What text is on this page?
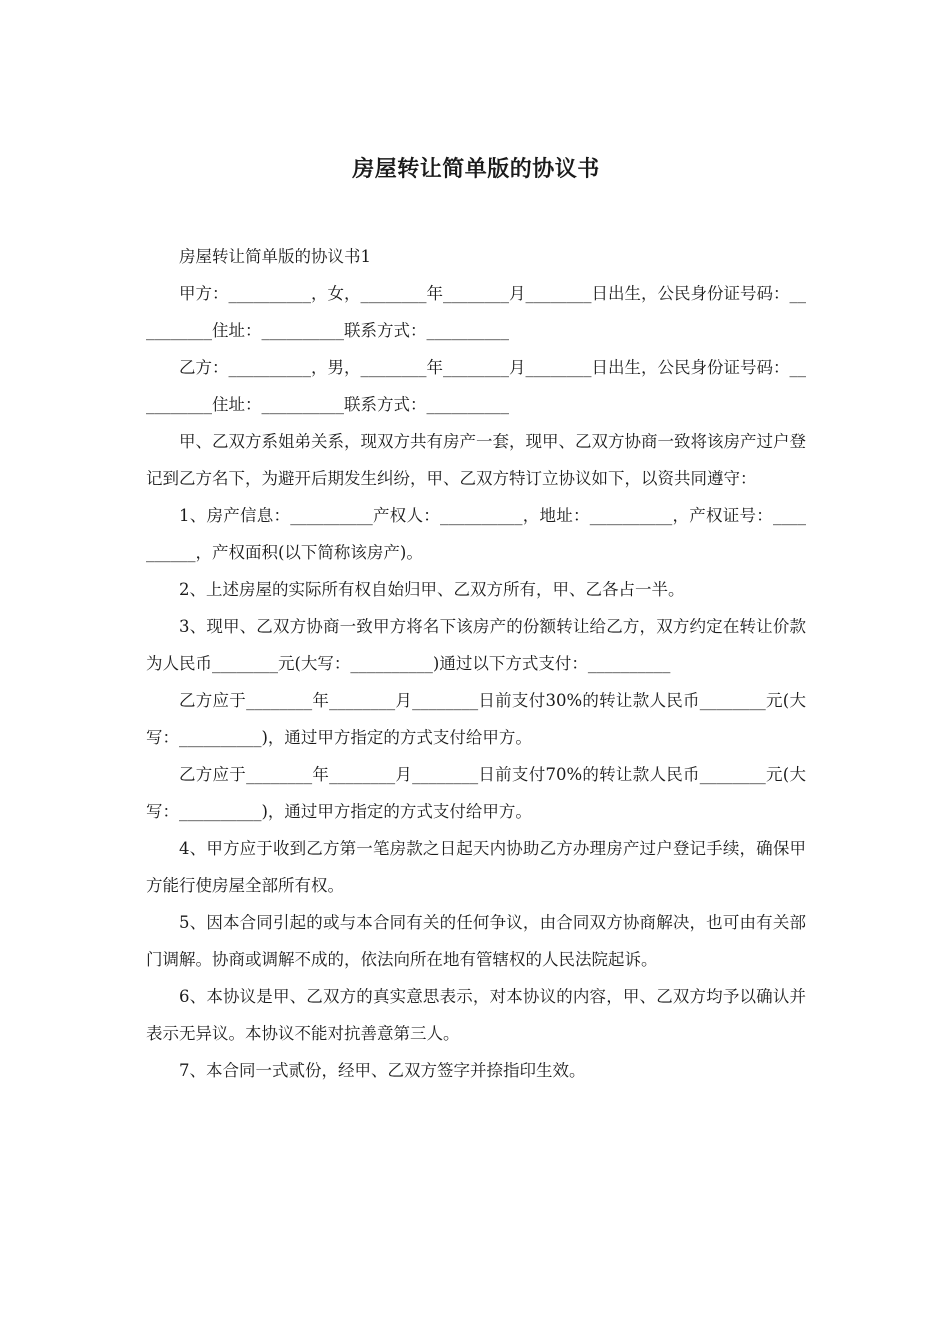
房屋转让简单版的协议书

房屋转让简单版的协议书1

甲方：__________，女，________年________月________日出生，公民身份证号码：__________住址：__________联系方式：__________

乙方：__________，男，________年________月________日出生，公民身份证号码：__________住址：__________联系方式：__________

甲、乙双方系姐弟关系，现双方共有房产一套，现甲、乙双方协商一致将该房产过户登记到乙方名下，为避开后期发生纠纷，甲、乙双方特订立协议如下，以资共同遵守：

1、房产信息：__________产权人：__________，地址：__________，产权证号：__________，产权面积(以下简称该房产)。

2、上述房屋的实际所有权自始归甲、乙双方所有，甲、乙各占一半。

3、现甲、乙双方协商一致甲方将名下该房产的份额转让给乙方，双方约定在转让价款为人民币________元(大写：__________)通过以下方式支付：__________

乙方应于________年________月________日前支付30%的转让款人民币________元(大写：__________)，通过甲方指定的方式支付给甲方。

乙方应于________年________月________日前支付70%的转让款人民币________元(大写：__________)，通过甲方指定的方式支付给甲方。

4、甲方应于收到乙方第一笔房款之日起天内协助乙方办理房产过户登记手续，确保甲方能行使房屋全部所有权。

5、因本合同引起的或与本合同有关的任何争议，由合同双方协商解决，也可由有关部门调解。协商或调解不成的，依法向所在地有管辖权的人民法院起诉。

6、本协议是甲、乙双方的真实意思表示，对本协议的内容，甲、乙双方均予以确认并表示无异议。本协议不能对抗善意第三人。

7、本合同一式贰份，经甲、乙双方签字并捺指印生效。
